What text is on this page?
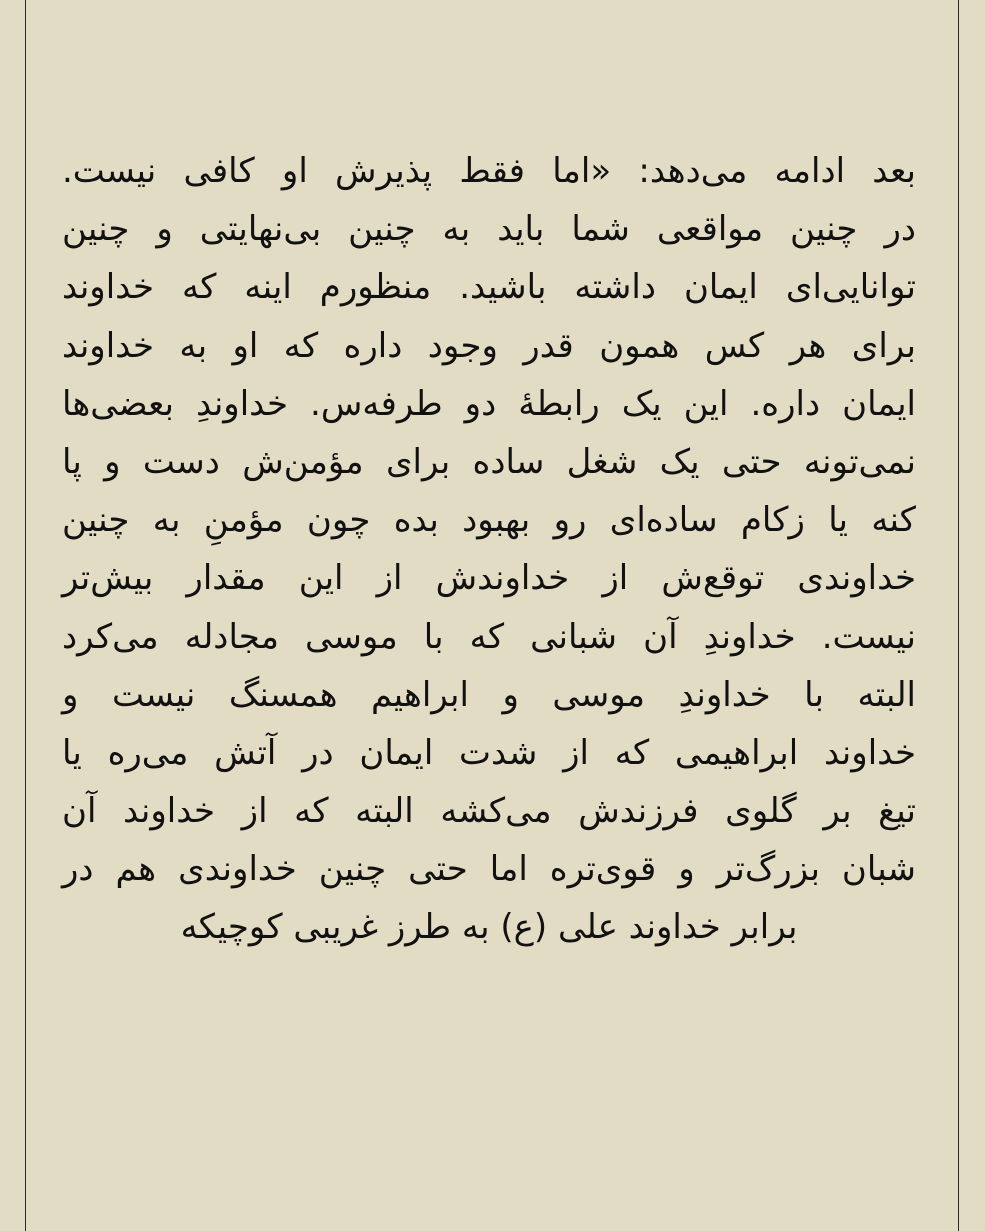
بعد ادامه می‌دهد: «اما فقط پذیرش او کافی نیست.
در چنین مواقعی شما باید به چنین بی‌نهایتی و چنین
توانایی‌ای ایمان داشته باشید. منظورم اینه که خداوند
برای هر کس همون قدر وجود داره که او به خداوند
ایمان داره. این یک رابطۀ دو طرفه‌س. خداوندِ بعضی‌ها
نمی‌تونه حتی یک شغل ساده برای مؤمن‌ش دست و پا
کنه یا زکام ساده‌ای رو بهبود بده چون مؤمنِ به چنین
خداوندی توقع‌ش از خداوندش از این مقدار بیش‌تر
نیست. خداوندِ آن شبانی که با موسی مجادله می‌کرد
البته با خداوندِ موسی و ابراهیم همسنگ نیست و
خداوند ابراهیمی که از شدت ایمان در آتش می‌ره یا
تیغ بر گلوی فرزندش می‌کشه البته که از خداوند آن
شبان بزرگ‌تر و قوی‌تره اما حتی چنین خداوندی هم در
برابر خداوند علی (ع) به طرز غریبی کوچیکه
